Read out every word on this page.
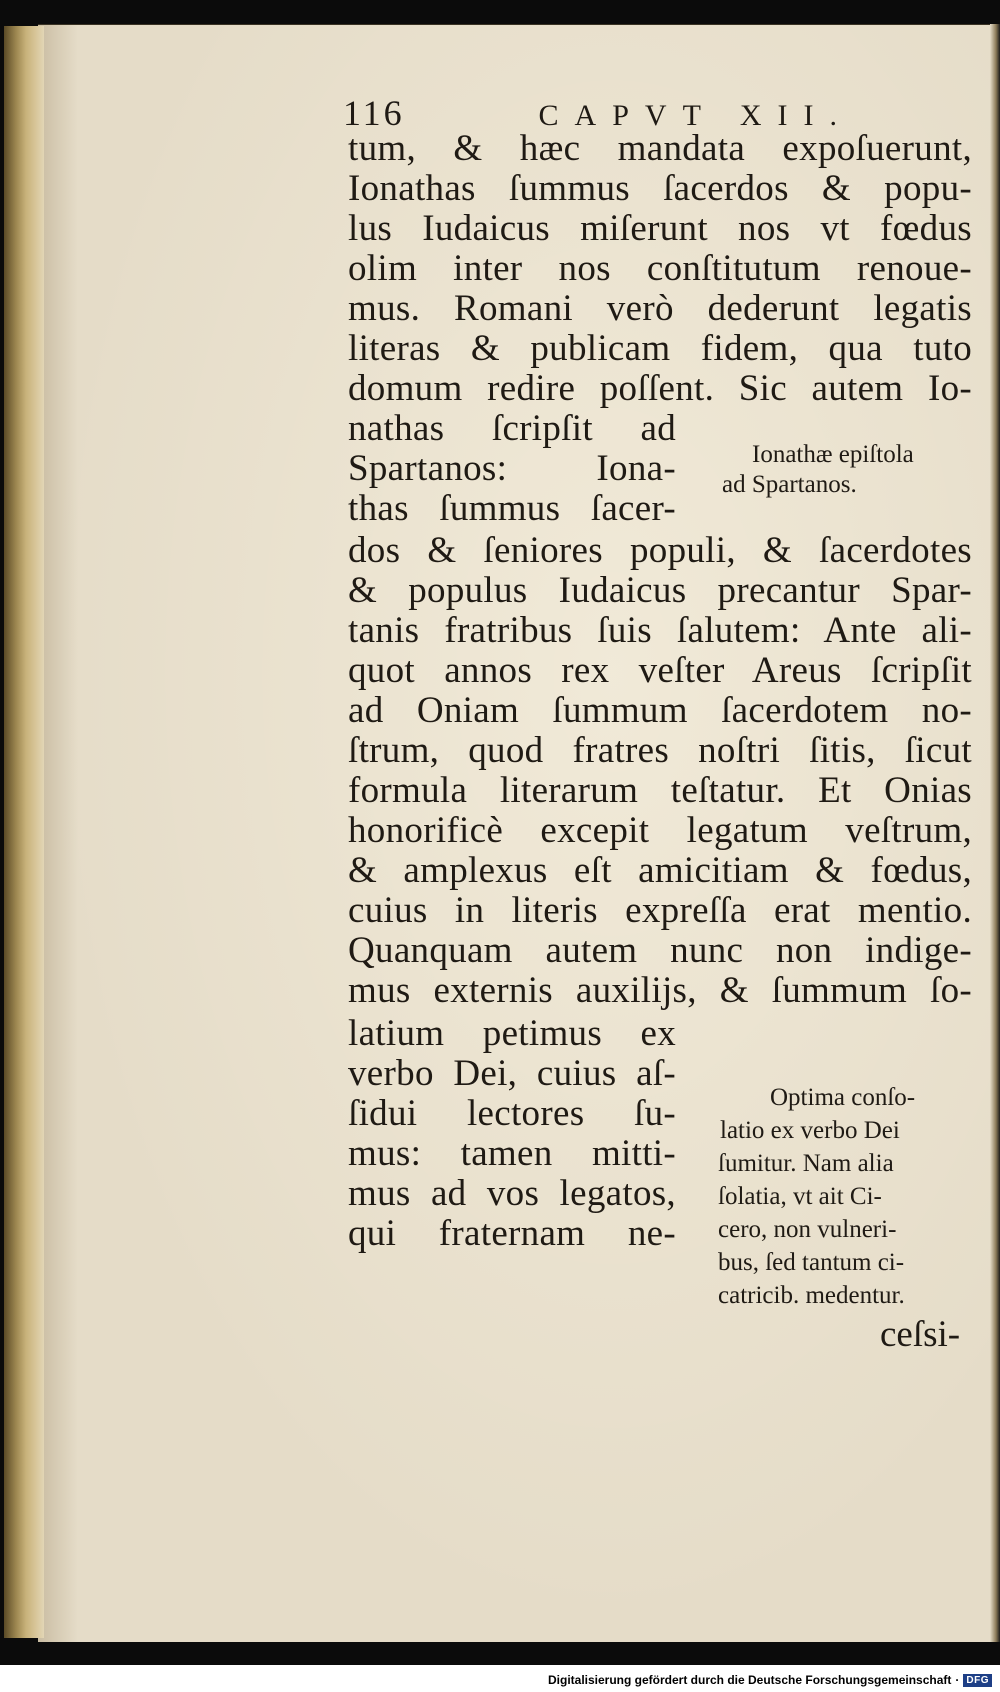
116	CAPVT XII.
tum, & hæc mandata expoſuerunt,
Ionathas ſummus ſacerdos & popu-
lus Iudaicus miſerunt nos vt fœdus
olim inter nos conſtitutum renoue-
mus. Romani verò dederunt legatis
literas & publicam fidem, qua tuto
domum redire poſſent. Sic autem Io-
nathas ſcripſit ad
Spartanos: Iona-
thas ſummus ſacer-
Ionathæ epiſtola
ad Spartanos.
dos & ſeniores populi, & ſacerdotes
& populus Iudaicus precantur Spar-
tanis fratribus ſuis ſalutem: Ante ali-
quot annos rex veſter Areus ſcripſit
ad Oniam ſummum ſacerdotem no-
ſtrum, quod fratres noſtri ſitis, ſicut
formula literarum teſtatur. Et Onias
honorificè excepit legatum veſtrum,
& amplexus eſt amicitiam & fœdus,
cuius in literis expreſſa erat mentio.
Quanquam autem nunc non indige-
mus externis auxilijs, & ſummum ſo-
latium petimus ex
verbo Dei, cuius aſ-
ſidui lectores ſu-
mus: tamen mitti-
mus ad vos legatos,
qui fraternam ne-
Optima conſo-
latio ex verbo Dei
ſumitur. Nam alia
ſolatia, vt ait Ci-
cero, non vulneri-
bus, ſed tantum ci-
catricib. medentur.
ceſsi-
Digitalisierung gefördert durch die Deutsche Forschungsgemeinschaft · DFG
